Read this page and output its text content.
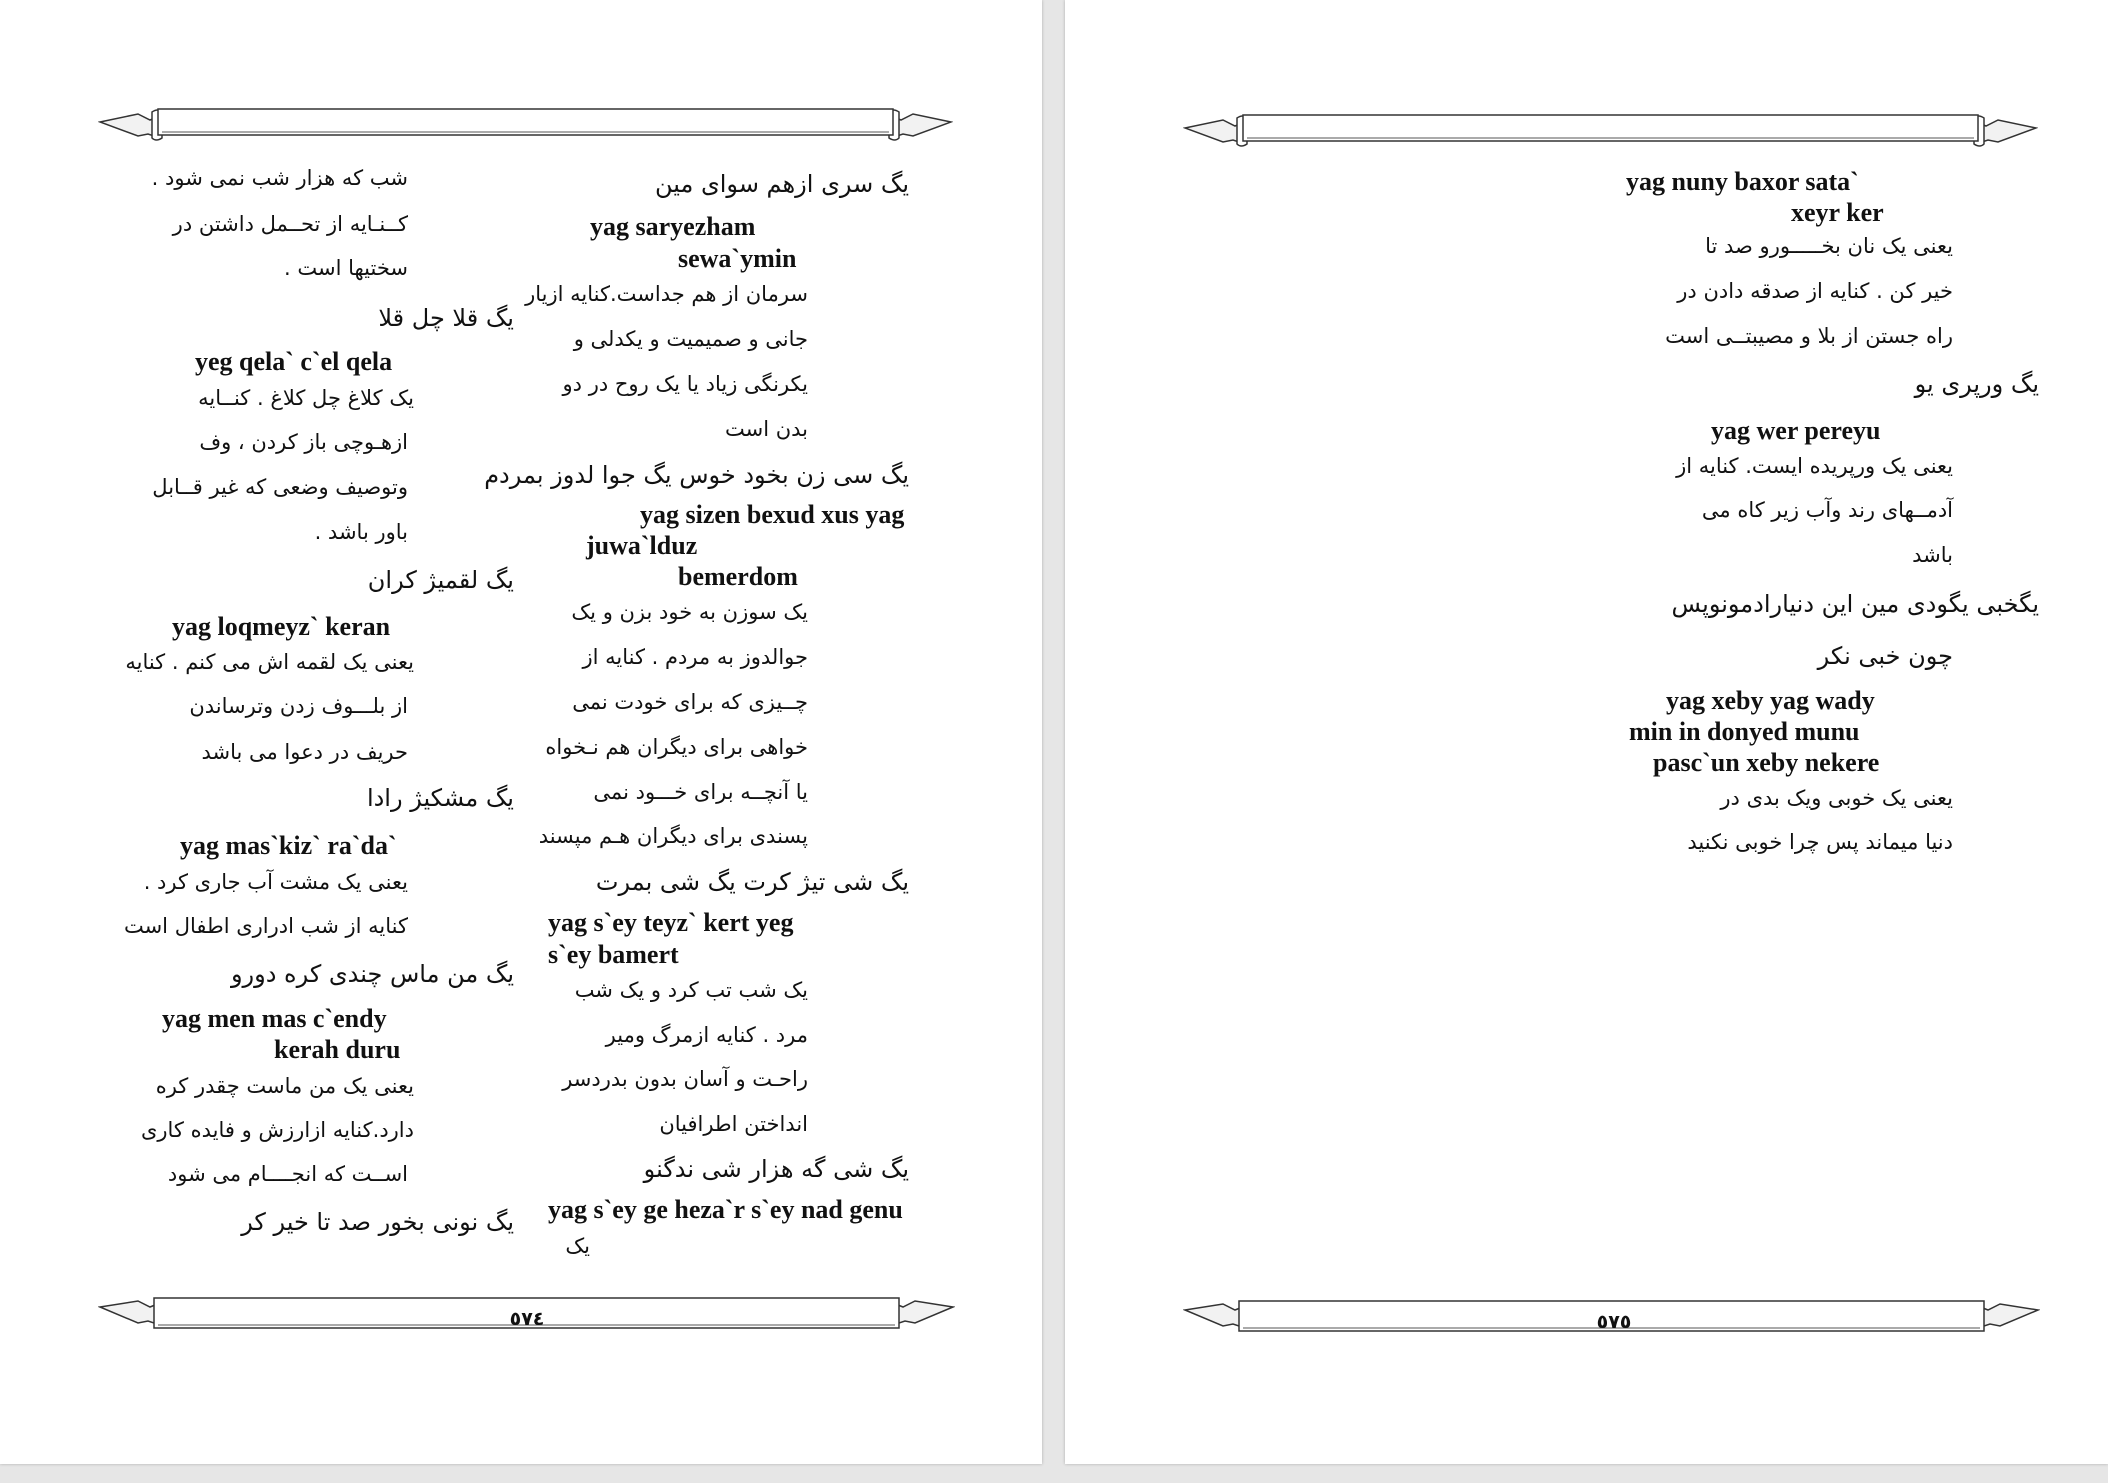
یگ سری ازهم سوای مین
yag saryezham
sewa`ymin
سرمان از هم جداست.کنایه ازیار
جانی و صمیمیت و یکدلی و
یکرنگی زیاد یا یک روح در دو
بدن است
یگ سی زن بخود خوس یگ جوا لدوز بمردم
yag sizen bexud xus yag
juwa`lduz
bemerdom
یک سوزن به خود بزن و یک
جوالدوز به مردم . کنایه از
چــیزی که برای خودت نمی
خواهی برای دیگران هم نـخواه
یا آنچــه برای خـــود نمی
پسندی برای دیگران هـم مپسند
یگ شی تیژ کرت یگ شی بمرت
yag s`ey teyz` kert yeg
s`ey bamert
یک شب تب کرد و یک شب
مرد . کنایه ازمرگ ومیر
راحـت و آسان بدون بدردسر
انداختن اطرافیان
یگ شی گه هزار شی ندگنو
yag s`ey ge heza`r s`ey nad genu
یک
شب که هزار شب نمی شود .
کــنـایه از تحــمل داشتن در
سختیها است .
یگ قلا چل قلا
yeg qela` c`el qela
یک کلاغ چل کلاغ . کنــایه
ازهـوچی باز کردن ، وف
وتوصیف وضعی که غیر قــابل
باور باشد .
یگ لقمیژ کران
yag loqmeyz` keran
یعنی یک لقمه اش می کنم . کنایه
از بلـــوف زدن وترساندن
حریف در دعوا می باشد
یگ مشکیژ رادا
yag mas`kiz` ra`da`
یعنی یک مشت آب جاری کرد .
کنایه از شب ادراری اطفال است
یگ من ماس چندی کره دورو
yag men mas c`endy
kerah duru
یعنی یک من ماست چقدر کره
دارد.کنایه ازارزش و فایده کاری
اســت که انجــــام می شود
یگ نونی بخور صد تا خیر کر
٥٧٤
yag nuny baxor sata`
xeyr ker
یعنی یک نان بخـــــورو صد تا
خیر کن . کنایه از صدقه دادن در
راه جستن از بلا و مصیبتــی است
یگ ورپری یو
yag wer pereyu
یعنی یک ورپریده ایست. کنایه از
آدمــهای رند وآب زیر کاه می
باشد
یگخبی یگودی مین این دنیارادمونوپس
چون خبی نکر
yag xeby yag wady
min in donyed munu
pasc`un xeby nekere
یعنی یک خوبی ویک بدی در
دنیا میماند پس چرا خوبی نکنید
٥٧٥
